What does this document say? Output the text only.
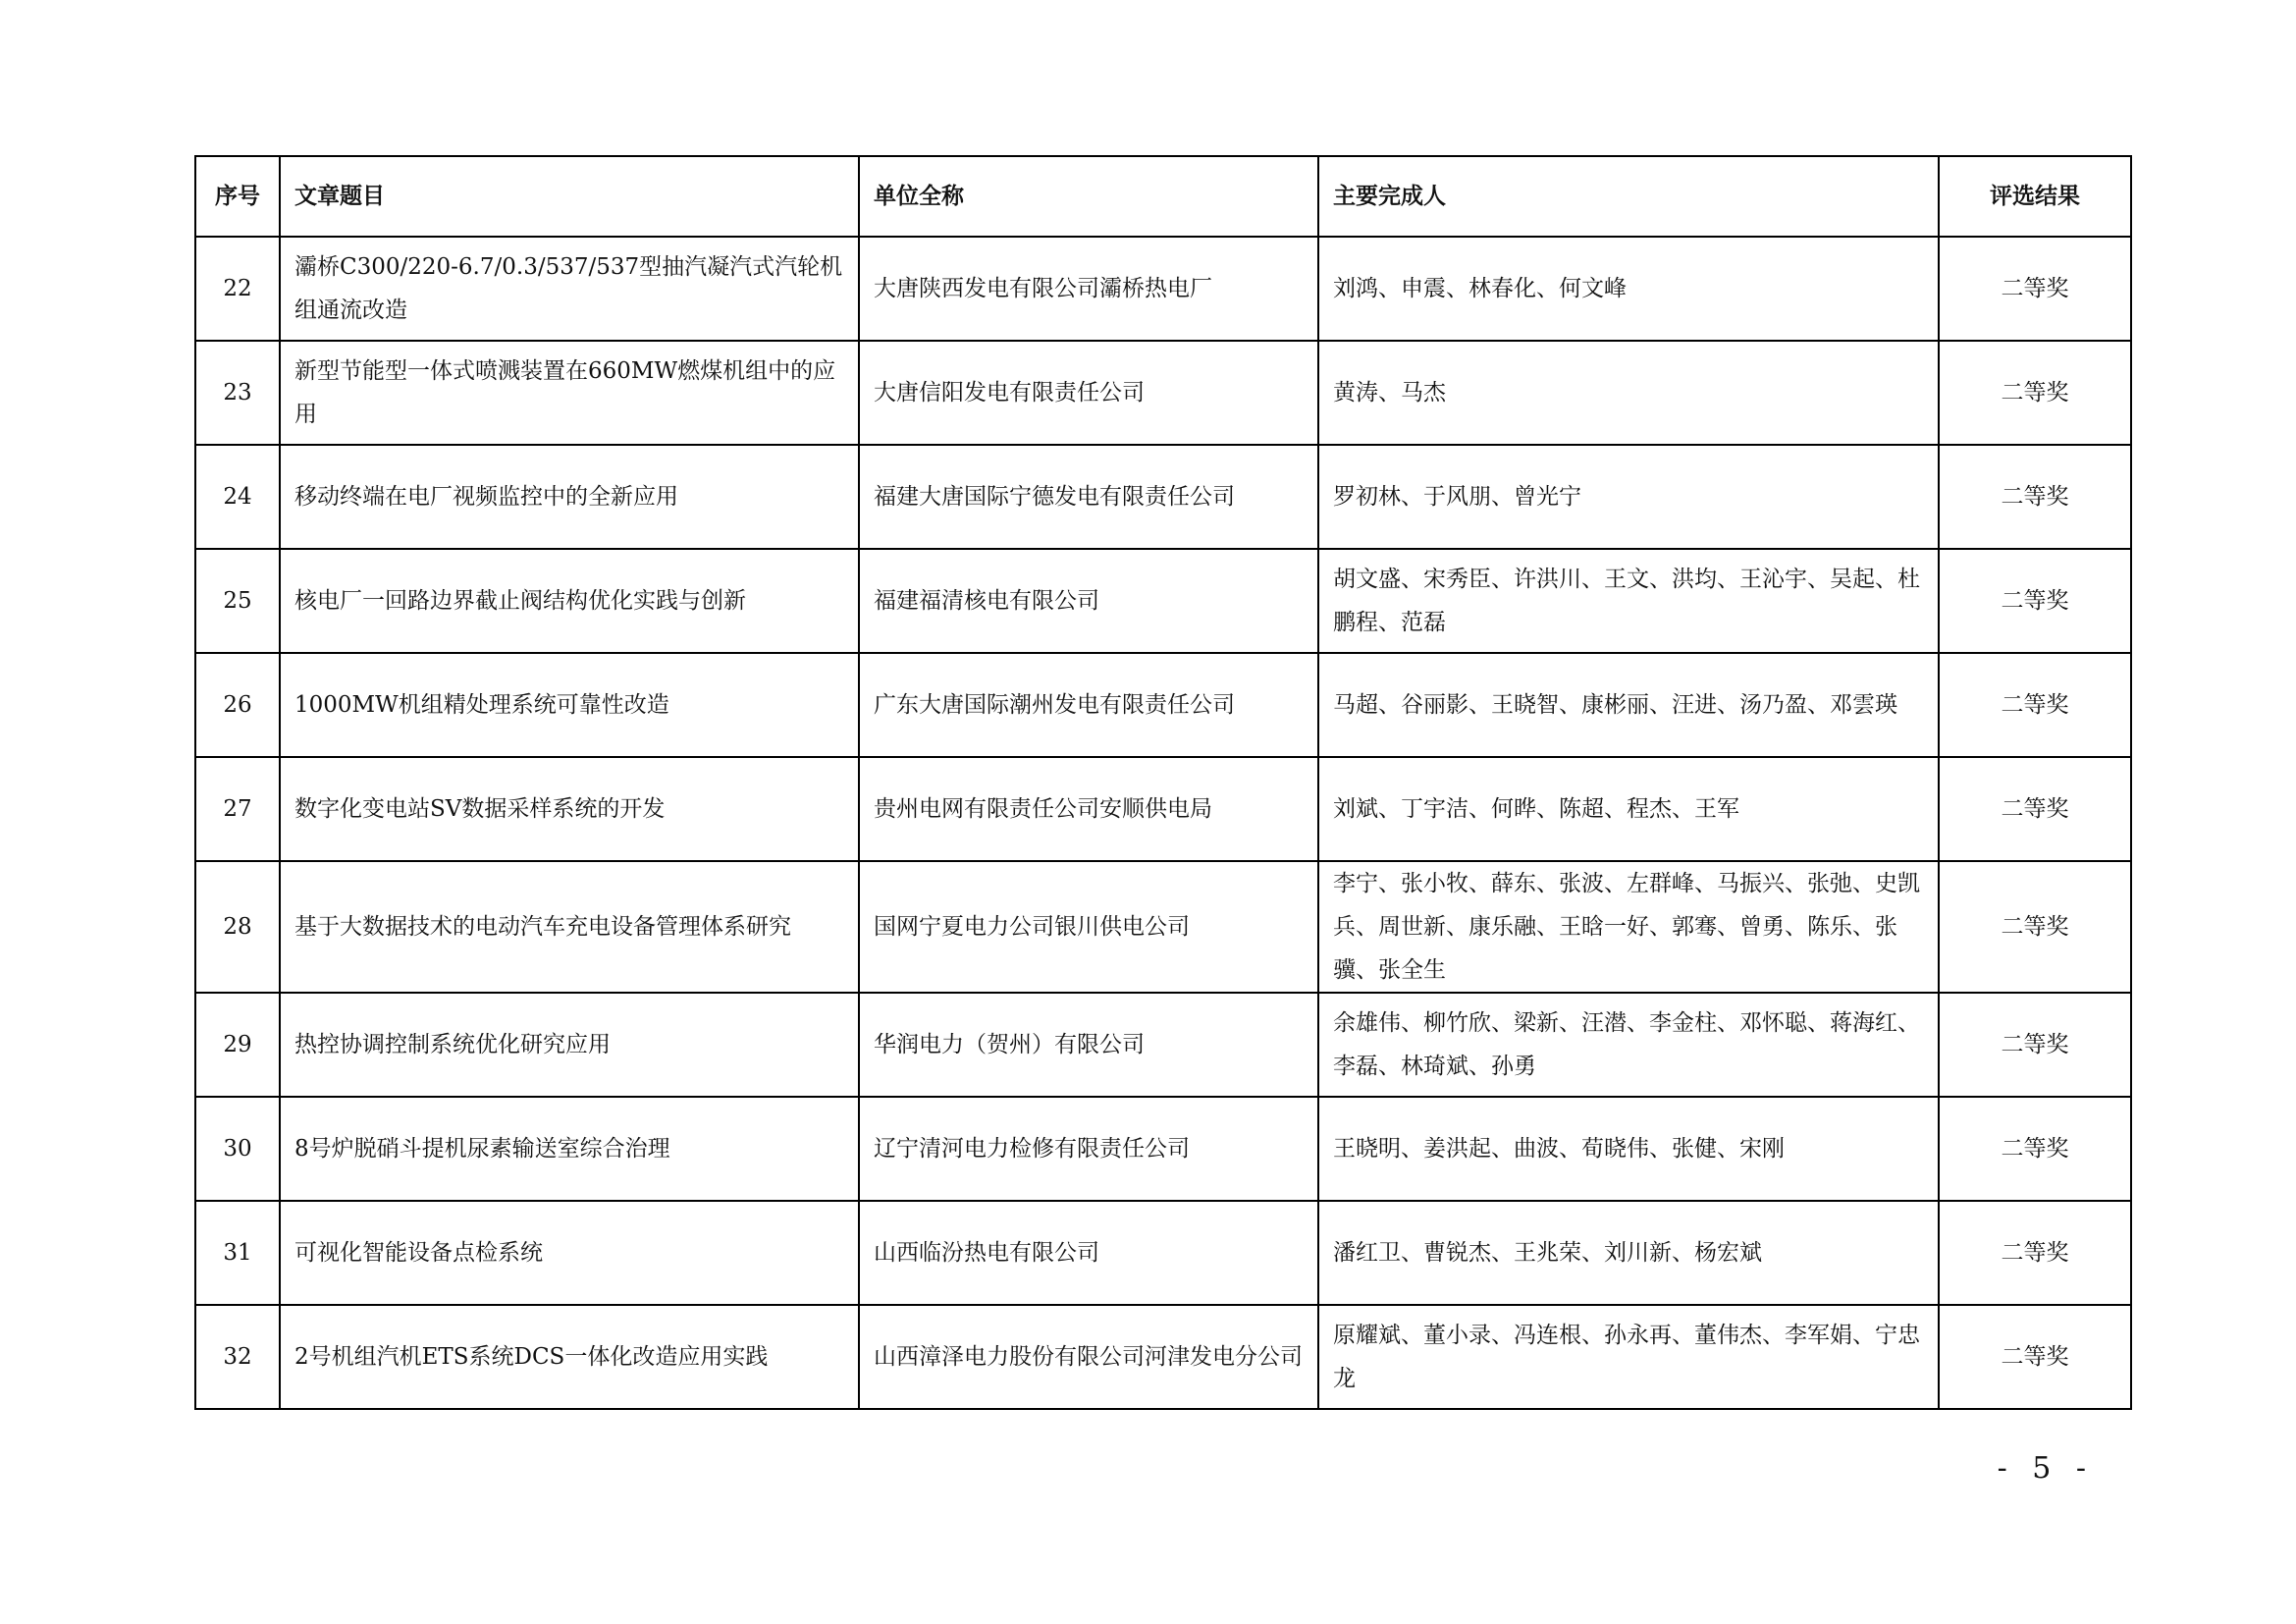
序号	文章题目	单位全称	主要完成人	评选结果
22	灞桥C300/220-6.7/0.3/537/537型抽汽凝汽式汽轮机组通流改造	大唐陕西发电有限公司灞桥热电厂	刘鸿、申震、林春化、何文峰	二等奖
23	新型节能型一体式喷溅装置在660MW燃煤机组中的应用	大唐信阳发电有限责任公司	黄涛、马杰	二等奖
24	移动终端在电厂视频监控中的全新应用	福建大唐国际宁德发电有限责任公司	罗初林、于风朋、曾光宁	二等奖
25	核电厂一回路边界截止阀结构优化实践与创新	福建福清核电有限公司	胡文盛、宋秀臣、许洪川、王文、洪均、王沁宇、吴起、杜鹏程、范磊	二等奖
26	1000MW机组精处理系统可靠性改造	广东大唐国际潮州发电有限责任公司	马超、谷丽影、王晓智、康彬丽、汪进、汤乃盈、邓雲瑛	二等奖
27	数字化变电站SV数据采样系统的开发	贵州电网有限责任公司安顺供电局	刘斌、丁宇洁、何晔、陈超、程杰、王军	二等奖
28	基于大数据技术的电动汽车充电设备管理体系研究	国网宁夏电力公司银川供电公司	李宁、张小牧、薛东、张波、左群峰、马振兴、张弛、史凯兵、周世新、康乐融、王晗一好、郭骞、曾勇、陈乐、张骥、张全生	二等奖
29	热控协调控制系统优化研究应用	华润电力（贺州）有限公司	余雄伟、柳竹欣、梁新、汪潜、李金柱、邓怀聪、蒋海红、李磊、林琦斌、孙勇	二等奖
30	8号炉脱硝斗提机尿素输送室综合治理	辽宁清河电力检修有限责任公司	王晓明、姜洪起、曲波、荀晓伟、张健、宋刚	二等奖
31	可视化智能设备点检系统	山西临汾热电有限公司	潘红卫、曹锐杰、王兆荣、刘川新、杨宏斌	二等奖
32	2号机组汽机ETS系统DCS一体化改造应用实践	山西漳泽电力股份有限公司河津发电分公司	原耀斌、董小录、冯连根、孙永再、董伟杰、李军娟、宁忠龙	二等奖
- 5 -
